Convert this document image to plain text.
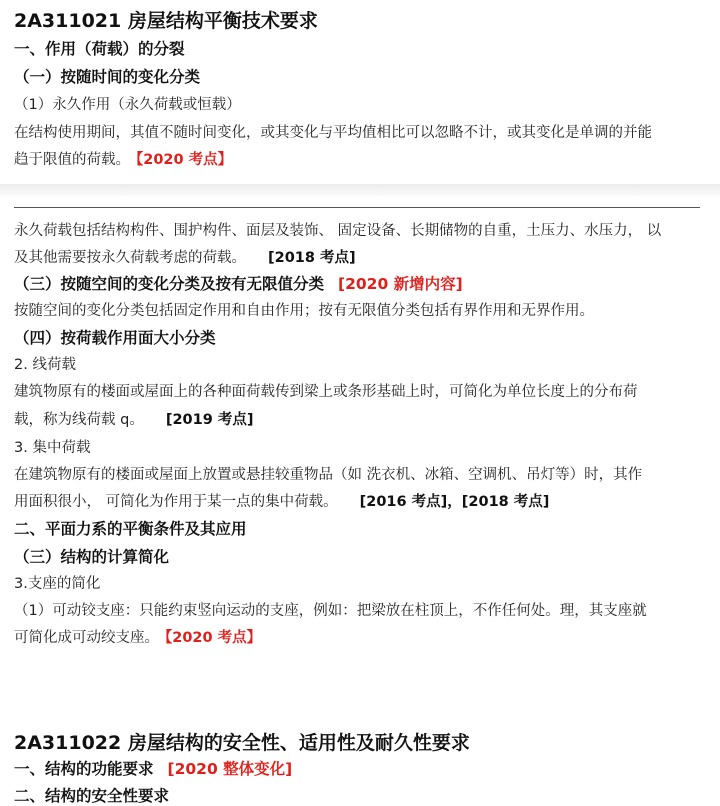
2A311021 房屋结构平衡技术要求
一、作用（荷载）的分裂
（一）按随时间的变化分类
（1）永久作用（永久荷载或恒载）
在结构使用期间，其值不随时间变化，或其变化与平均值相比可以忽略不计，或其变化是单调的并能
趋于限值的荷载。 【2020 考点】
永久荷载包括结构构件、围护构件、面层及装饰、 固定设备、长期储物的自重，土压力、水压力， 以
及其他需要按永久荷载考虑的荷载。 [2018 考点]
（三）按随空间的变化分类及按有无限值分类 [2020 新增内容]
按随空间的变化分类包括固定作用和自由作用；按有无限值分类包括有界作用和无界作用。
（四）按荷载作用面大小分类
2. 线荷载
建筑物原有的楼面或屋面上的各种面荷载传到梁上或条形基础上时，可简化为单位长度上的分布荷
载，称为线荷载 q。 [2019 考点]
3. 集中荷载
在建筑物原有的楼面或屋面上放置或悬挂较重物品（如 洗衣机、冰箱、空调机、吊灯等）时，其作
用面积很小， 可简化为作用于某一点的集中荷载。 [2016 考点]，[2018 考点]
二、平面力系的平衡条件及其应用
（三）结构的计算简化
3.支座的简化
（1）可动铰支座：只能约束竖向运动的支座，例如：把梁放在柱顶上，不作任何处。理，其支座就
可简化成可动绞支座。 【2020 考点】
2A311022 房屋结构的安全性、适用性及耐久性要求
一、结构的功能要求 [2020 整体变化]
二、结构的安全性要求
